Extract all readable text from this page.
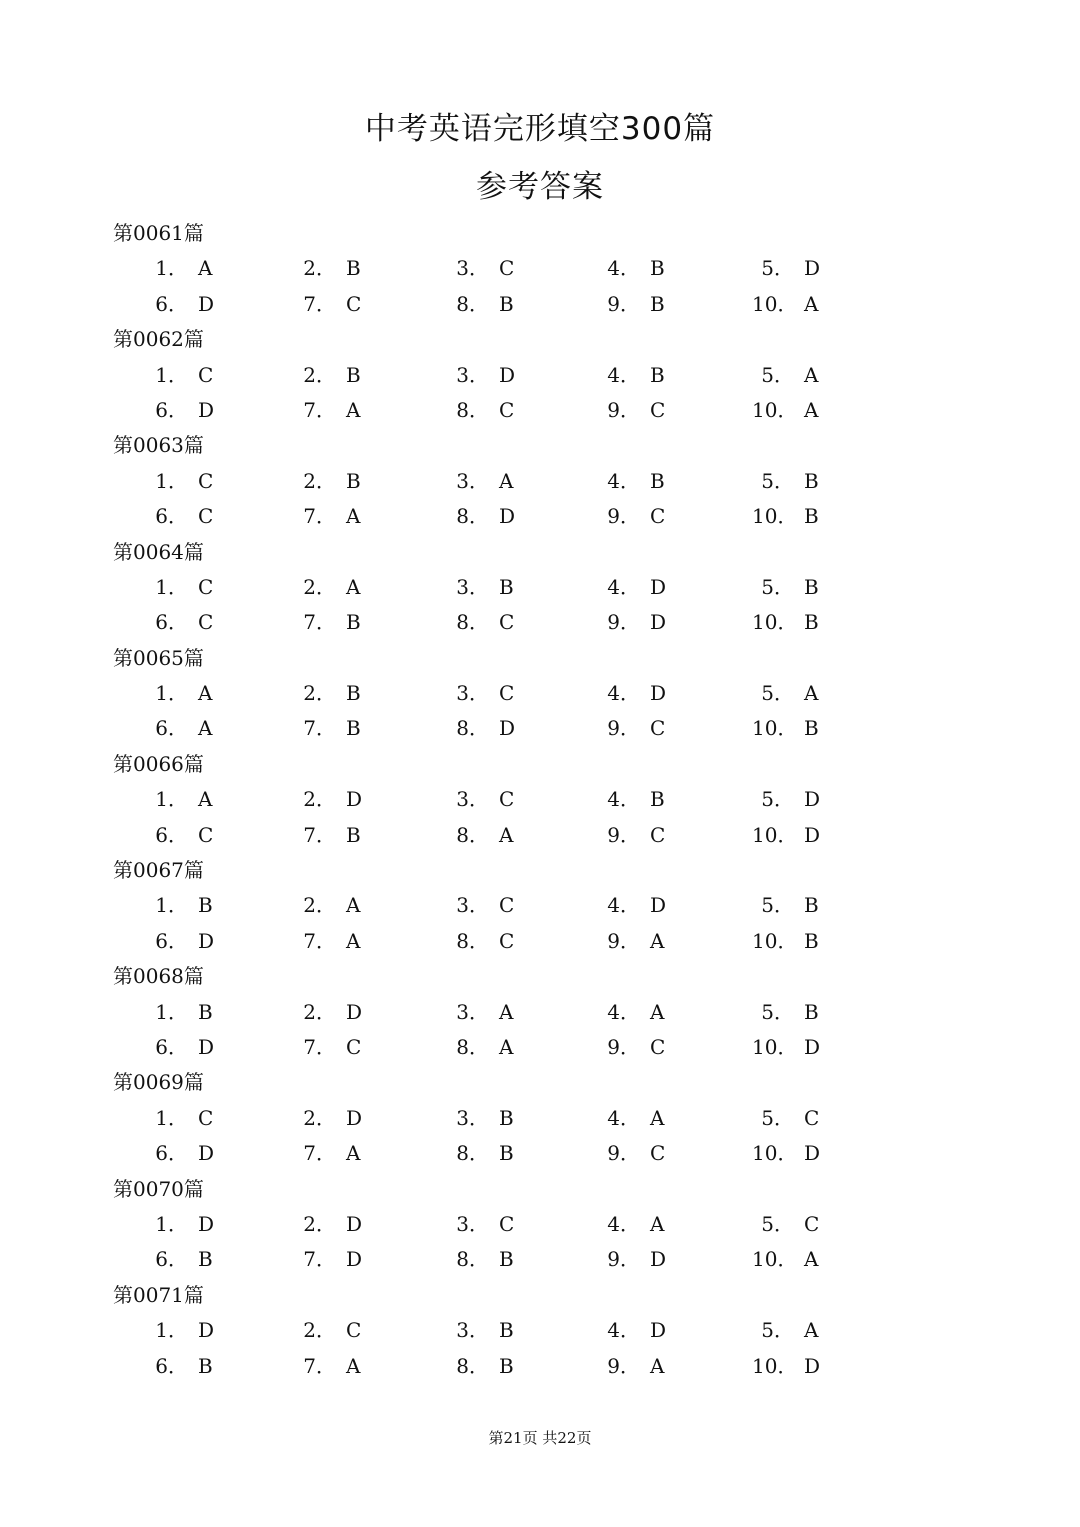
中考英语完形填空300篇
参考答案
第0061篇
1． A	2． B	3． C	4． B	5． D
6． D	7． C	8． B	9． B	10． A
第0062篇
1． C	2． B	3． D	4． B	5． A
6． D	7． A	8． C	9． C	10． A
第0063篇
1． C	2． B	3． A	4． B	5． B
6． C	7． A	8． D	9． C	10． B
第0064篇
1． C	2． A	3． B	4． D	5． B
6． C	7． B	8． C	9． D	10． B
第0065篇
1． A	2． B	3． C	4． D	5． A
6． A	7． B	8． D	9． C	10． B
第0066篇
1． A	2． D	3． C	4． B	5． D
6． C	7． B	8． A	9． C	10． D
第0067篇
1． B	2． A	3． C	4． D	5． B
6． D	7． A	8． C	9． A	10． B
第0068篇
1． B	2． D	3． A	4． A	5． B
6． D	7． C	8． A	9． C	10． D
第0069篇
1． C	2． D	3． B	4． A	5． C
6． D	7． A	8． B	9． C	10． D
第0070篇
1． D	2． D	3． C	4． A	5． C
6． B	7． D	8． B	9． D	10． A
第0071篇
1． D	2． C	3． B	4． D	5． A
6． B	7． A	8． B	9． A	10． D
第21页 共22页
